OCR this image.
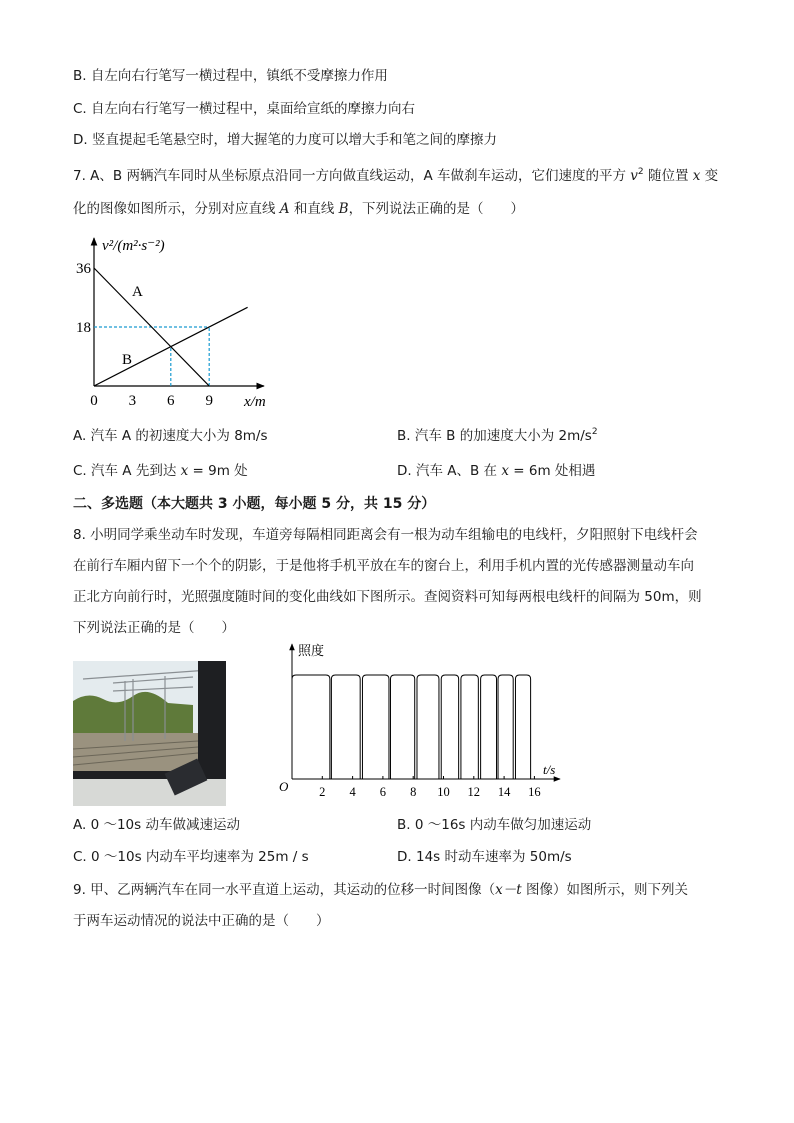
B. 自左向右行笔写一横过程中，镇纸不受摩擦力作用
C. 自左向右行笔写一横过程中，桌面给宣纸的摩擦力向右
D. 竖直提起毛笔悬空时，增大握笔的力度可以增大手和笔之间的摩擦力
7. A、B 两辆汽车同时从坐标原点沿同一方向做直线运动，A 车做刹车运动，它们速度的平方 $v^2$ 随位置 x 变
化的图像如图所示，分别对应直线 A 和直线 B，下列说法正确的是（　　）
0 3 6 9
18
36
A
B
v²/(m²·s⁻²)
x/m
A. 汽车 A 的初速度大小为 8m/s	B. 汽车 B 的加速度大小为 $2m/s^2$
C. 汽车 A 先到达 x = 9m 处	D. 汽车 A、B 在 x = 6m 处相遇
二、多选题（本大题共 3 小题，每小题 5 分，共 15 分）
8. 小明同学乘坐动车时发现，车道旁每隔相同距离会有一根为动车组输电的电线杆，夕阳照射下电线杆会
在前行车厢内留下一个个的阴影，于是他将手机平放在车的窗台上，利用手机内置的光传感器测量动车向
正北方向前行时，光照强度随时间的变化曲线如下图所示。查阅资料可知每两根电线杆的间隔为 50m，则
下列说法正确的是（　　）
2 4 6 8 10 12 14 16
照度
t/s
O
A. 0 ～10s 动车做减速运动	B. 0 ～16s 内动车做匀加速运动
C. 0 ～10s 内动车平均速率为 25m / s	D. 14s 时动车速率为 50m/s
9. 甲、乙两辆汽车在同一水平直道上运动，其运动的位移一时间图像（x－t 图像）如图所示，则下列关
于两车运动情况的说法中正确的是（　　）
